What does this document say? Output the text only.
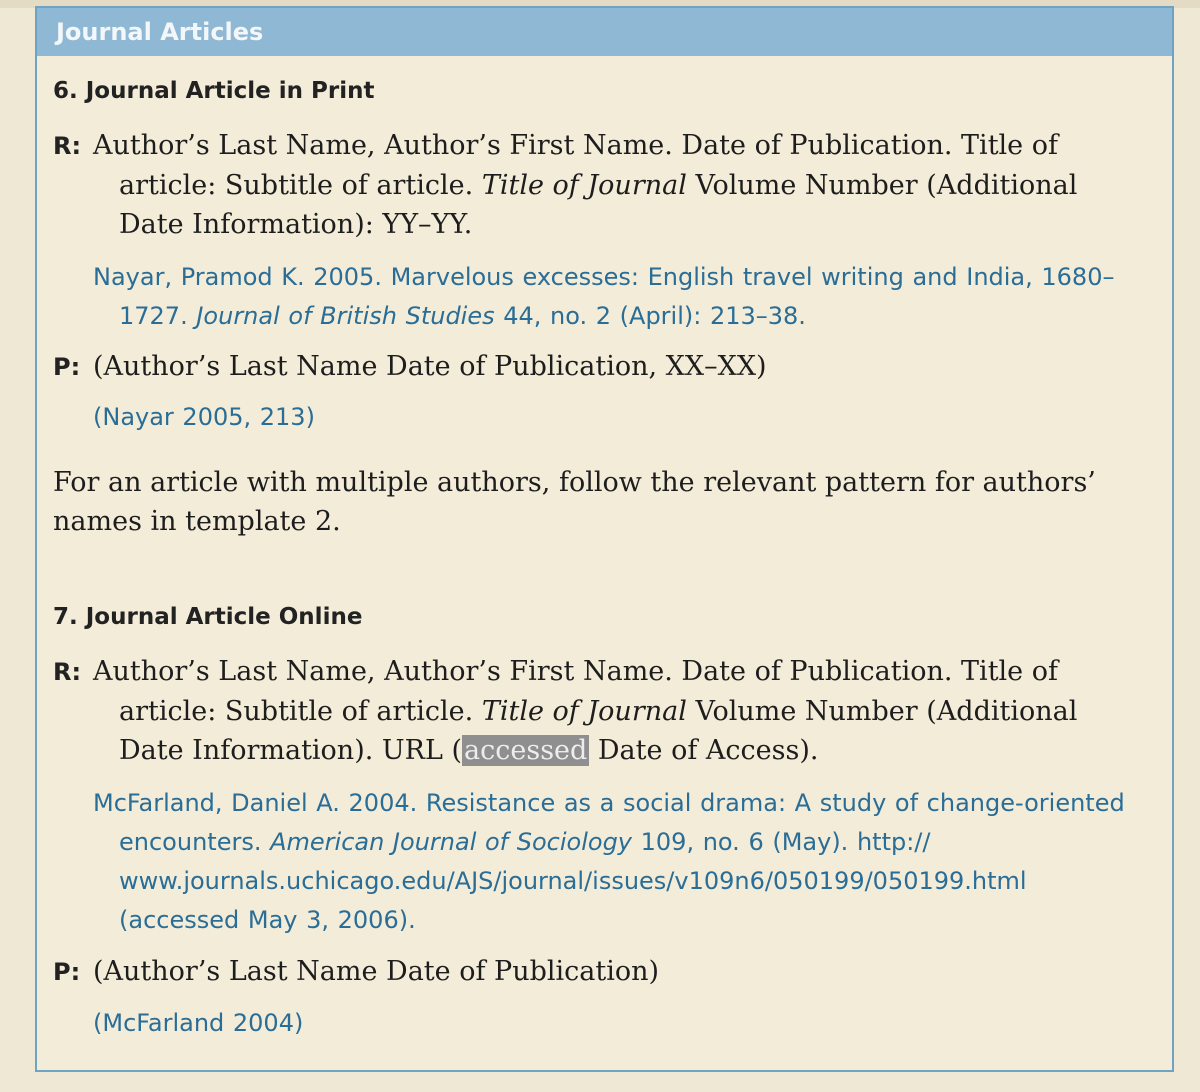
Journal Articles
6. Journal Article in Print
R: Author’s Last Name, Author’s First Name. Date of Publication. Title of article: Subtitle of article. Title of Journal Volume Number (Additional Date Information): YY–YY.
Nayar, Pramod K. 2005. Marvelous excesses: English travel writing and India, 1680–1727. Journal of British Studies 44, no. 2 (April): 213–38.
P: (Author’s Last Name Date of Publication, XX–XX)
(Nayar 2005, 213)
For an article with multiple authors, follow the relevant pattern for authors’ names in template 2.
7. Journal Article Online
R: Author’s Last Name, Author’s First Name. Date of Publication. Title of article: Subtitle of article. Title of Journal Volume Number (Additional Date Information). URL (accessed Date of Access).
McFarland, Daniel A. 2004. Resistance as a social drama: A study of change-oriented encounters. American Journal of Sociology 109, no. 6 (May). http:// www.journals.uchicago.edu/AJS/journal/issues/v109n6/050199/050199.html (accessed May 3, 2006).
P: (Author’s Last Name Date of Publication)
(McFarland 2004)
